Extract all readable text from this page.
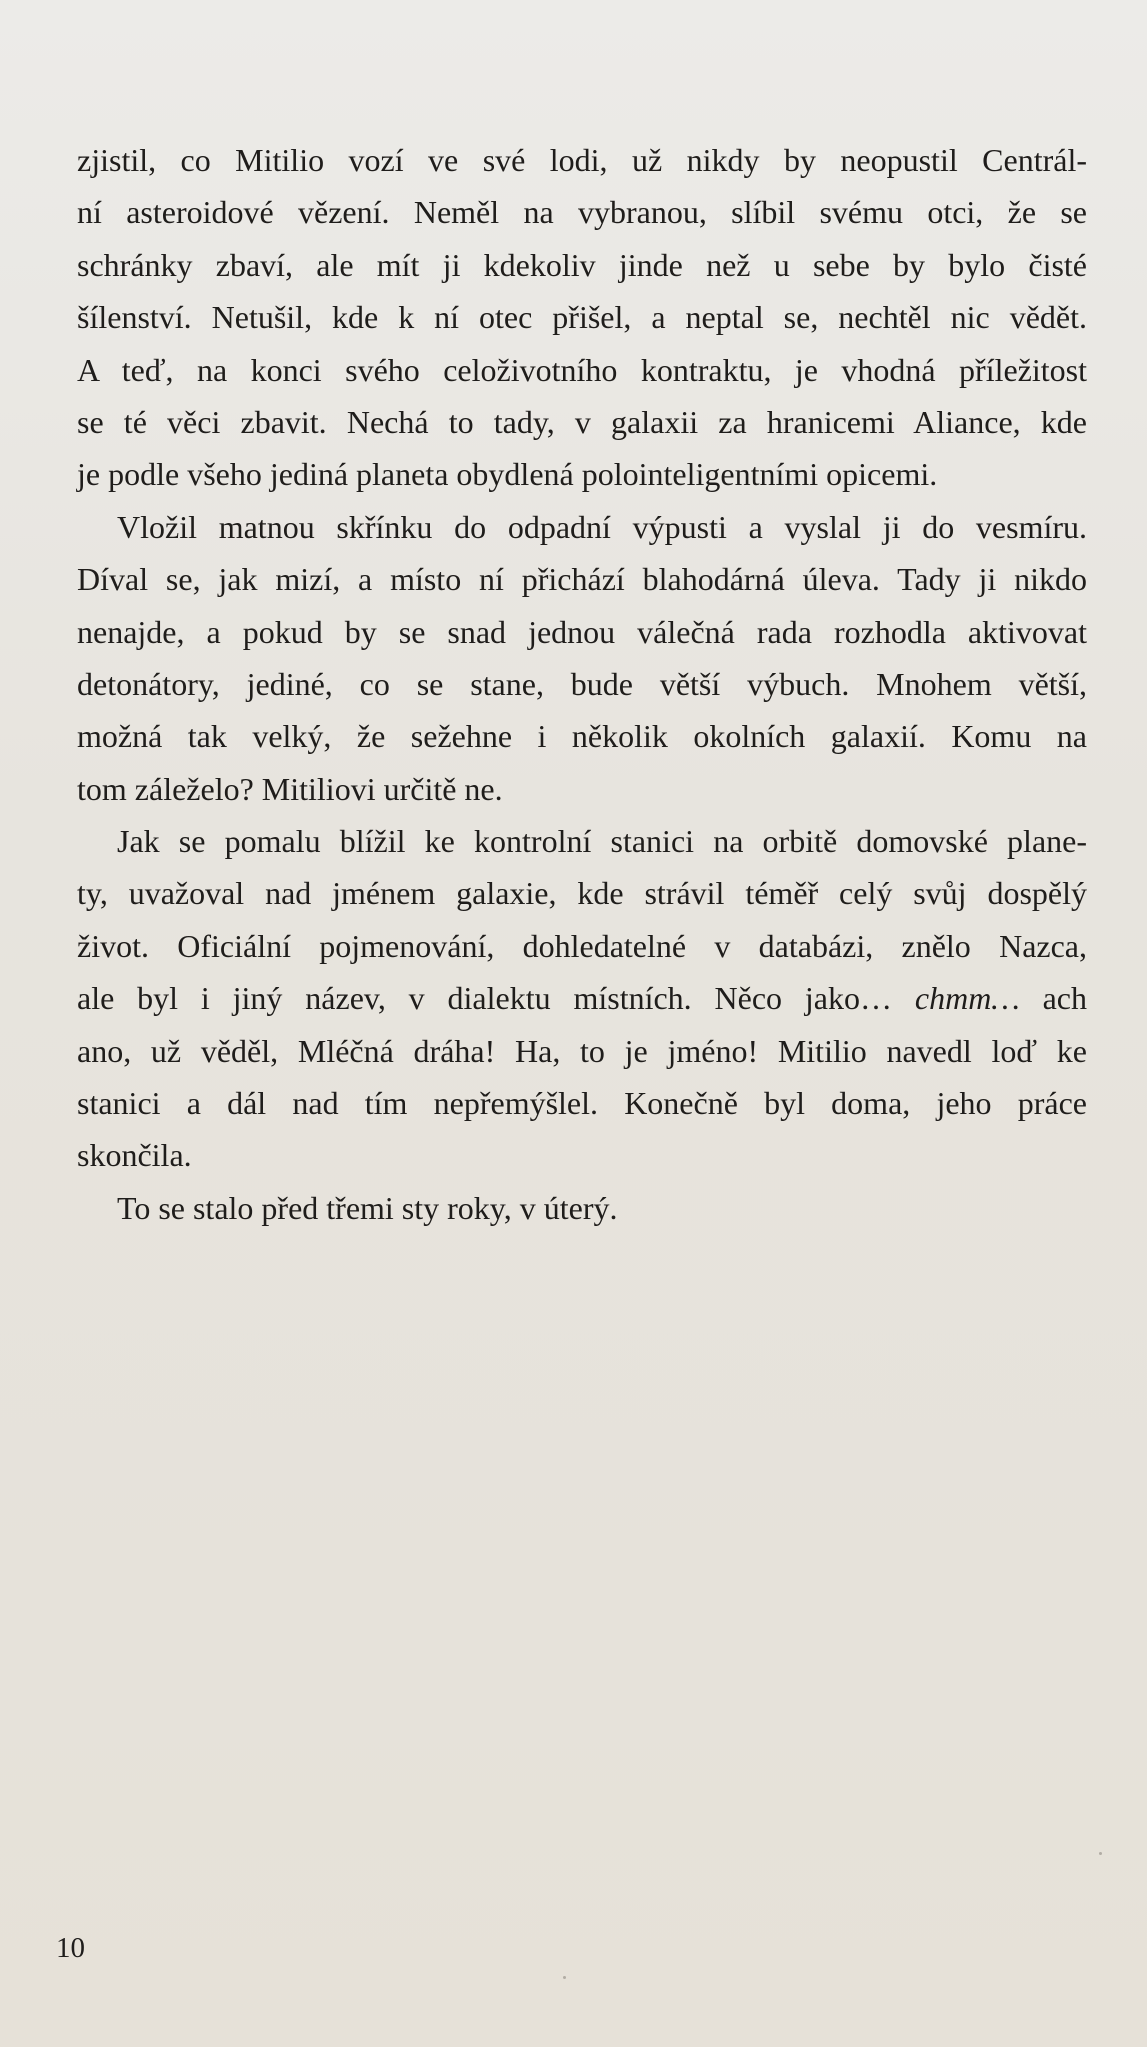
zjistil, co Mitilio vozí ve své lodi, už nikdy by neopustil Centrál-
ní asteroidové vězení. Neměl na vybranou, slíbil svému otci, že se
schránky zbaví, ale mít ji kdekoliv jinde než u sebe by bylo čisté
šílenství. Netušil, kde k ní otec přišel, a neptal se, nechtěl nic vědět.
A teď, na konci svého celoživotního kontraktu, je vhodná příležitost
se té věci zbavit. Nechá to tady, v galaxii za hranicemi Aliance, kde
je podle všeho jediná planeta obydlená polointeligentními opicemi.
Vložil matnou skřínku do odpadní výpusti a vyslal ji do vesmíru.
Díval se, jak mizí, a místo ní přichází blahodárná úleva. Tady ji nikdo
nenajde, a pokud by se snad jednou válečná rada rozhodla aktivovat
detonátory, jediné, co se stane, bude větší výbuch. Mnohem větší,
možná tak velký, že sežehne i několik okolních galaxií. Komu na
tom záleželo? Mitiliovi určitě ne.
Jak se pomalu blížil ke kontrolní stanici na orbitě domovské plane-
ty, uvažoval nad jménem galaxie, kde strávil téměř celý svůj dospělý
život. Oficiální pojmenování, dohledatelné v databázi, znělo Nazca,
ale byl i jiný název, v dialektu místních. Něco jako… chmm… ach
ano, už věděl, Mléčná dráha! Ha, to je jméno! Mitilio navedl loď ke
stanici a dál nad tím nepřemýšlel. Konečně byl doma, jeho práce
skončila.
To se stalo před třemi sty roky, v úterý.
10
